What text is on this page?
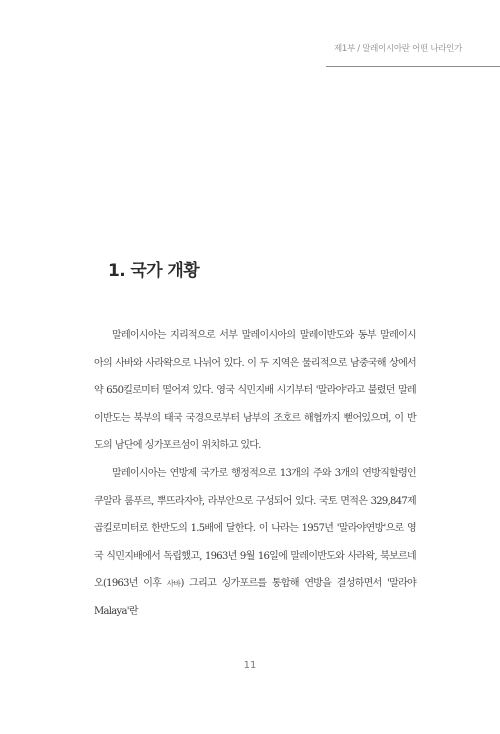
제1부 / 말레이시아란 어떤 나라인가
1. 국가 개황

말레이시아는 지리적으로 서부 말레이시아의 말레이반도와 동부 말레이시아의 사바와 사라왁으로 나뉘어 있다. 이 두 지역은 물리적으로 남중국해 상에서 약 650킬로미터 떨어져 있다. 영국 식민지배 시기부터 '말라야'라고 불렸던 말레이반도는 북부의 태국 국경으로부터 남부의 조호르 해협까지 뻗어있으며, 이 반도의 남단에 싱가포르섬이 위치하고 있다.

말레이시아는 연방제 국가로 행정적으로 13개의 주와 3개의 연방직할령인 쿠알라 룸푸르, 뿌뜨라자야, 라부안으로 구성되어 있다. 국토 면적은 329,847제곱킬로미터로 한반도의 1.5배에 달한다. 이 나라는 1957년 '말라야연방'으로 영국 식민지배에서 독립했고, 1963년 9월 16일에 말레이반도와 사라왁, 북보르네오(1963년 이후 사바) 그리고 싱가포르를 통합해 연방을 결성하면서 '말라야Malaya'란

11
